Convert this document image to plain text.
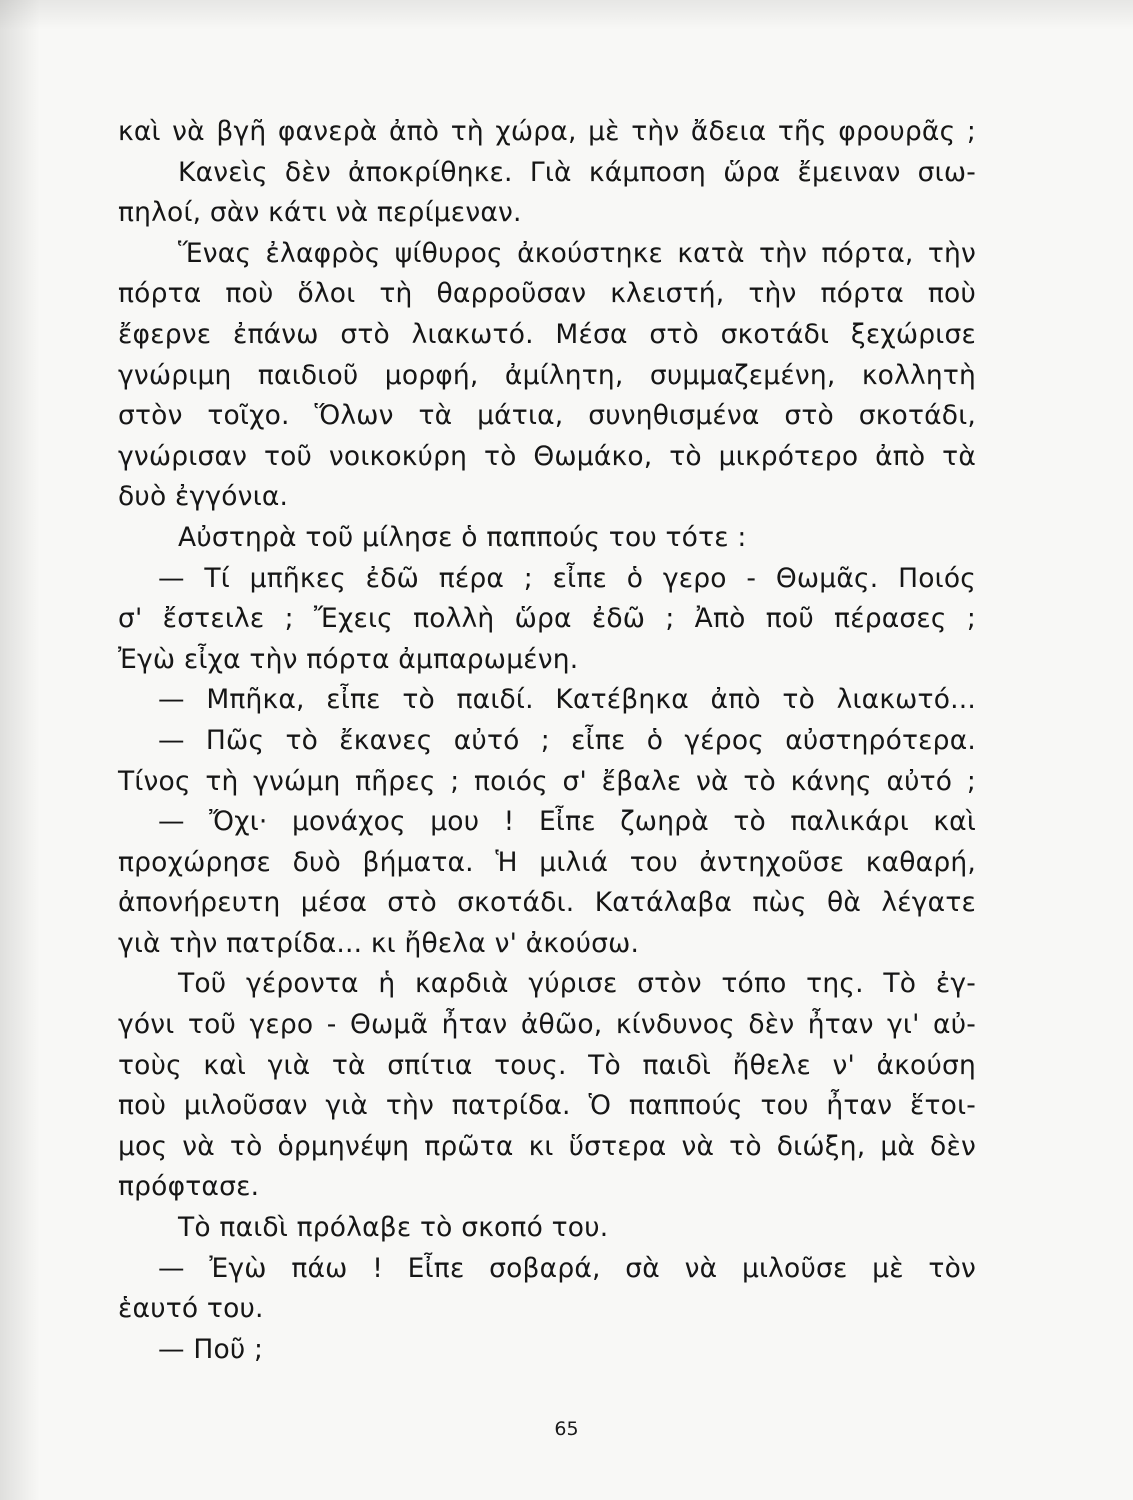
καὶ νὰ βγῆ φανερὰ ἀπὸ τὴ χώρα, μὲ τὴν ἄδεια τῆς φρουρᾶς ;
Κανεὶς δὲν ἀποκρίθηκε. Γιὰ κάμποση ὥρα ἔμειναν σιω-
πηλοί, σὰν κάτι νὰ περίμεναν.
Ἕνας ἐλαφρὸς ψίθυρος ἀκούστηκε κατὰ τὴν πόρτα, τὴν
πόρτα ποὺ ὅλοι τὴ θαρροῦσαν κλειστή, τὴν πόρτα ποὺ
ἔφερνε ἐπάνω στὸ λιακωτό. Μέσα στὸ σκοτάδι ξεχώρισε
γνώριμη παιδιοῦ μορφή, ἀμίλητη, συμμαζεμένη, κολλητὴ
στὸν τοῖχο. Ὅλων τὰ μάτια, συνηθισμένα στὸ σκοτάδι,
γνώρισαν τοῦ νοικοκύρη τὸ Θωμάκο, τὸ μικρότερο ἀπὸ τὰ
δυὸ ἐγγόνια.
Αὐστηρὰ τοῦ μίλησε ὁ παππούς του τότε :
— Τί μπῆκες ἐδῶ πέρα ; εἶπε ὁ γερο - Θωμᾶς. Ποιός
σ' ἔστειλε ; Ἔχεις πολλὴ ὥρα ἐδῶ ; Ἀπὸ ποῦ πέρασες ;
Ἐγὼ εἶχα τὴν πόρτα ἀμπαρωμένη.
— Μπῆκα, εἶπε τὸ παιδί. Κατέβηκα ἀπὸ τὸ λιακωτό...
— Πῶς τὸ ἔκανες αὐτό ; εἶπε ὁ γέρος αὐστηρότερα.
Τίνος τὴ γνώμη πῆρες ; ποιός σ' ἔβαλε νὰ τὸ κάνης αὐτό ;
— Ὄχι· μονάχος μου ! Εἶπε ζωηρὰ τὸ παλικάρι καὶ
προχώρησε δυὸ βήματα. Ἡ μιλιά του ἀντηχοῦσε καθαρή,
ἀπονήρευτη μέσα στὸ σκοτάδι. Κατάλαβα πὼς θὰ λέγατε
γιὰ τὴν πατρίδα... κι ἤθελα ν' ἀκούσω.
Τοῦ γέροντα ἡ καρδιὰ γύρισε στὸν τόπο της. Τὸ ἐγ-
γόνι τοῦ γερο - Θωμᾶ ἦταν ἀθῶο, κίνδυνος δὲν ἦταν γι' αὐ-
τοὺς καὶ γιὰ τὰ σπίτια τους. Τὸ παιδὶ ἤθελε ν' ἀκούση
ποὺ μιλοῦσαν γιὰ τὴν πατρίδα. Ὁ παππούς του ἦταν ἕτοι-
μος νὰ τὸ ὁρμηνέψη πρῶτα κι ὕστερα νὰ τὸ διώξη, μὰ δὲν
πρόφτασε.
Τὸ παιδὶ πρόλαβε τὸ σκοπό του.
— Ἐγὼ πάω ! Εἶπε σοβαρά, σὰ νὰ μιλοῦσε μὲ τὸν
ἑαυτό του.
— Ποῦ ;
65
